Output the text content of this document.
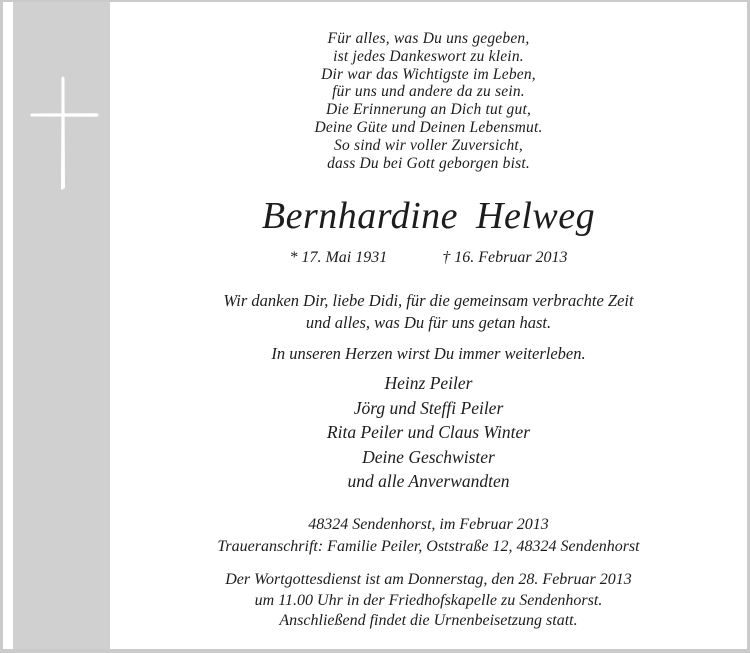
Für alles, was Du uns gegeben,
ist jedes Dankeswort zu klein.
Dir war das Wichtigste im Leben,
für uns und andere da zu sein.
Die Erinnerung an Dich tut gut,
Deine Güte und Deinen Lebensmut.
So sind wir voller Zuversicht,
dass Du bei Gott geborgen bist.
Bernhardine Helweg
* 17. Mai 1931	† 16. Februar 2013
Wir danken Dir, liebe Didi, für die gemeinsam verbrachte Zeit
und alles, was Du für uns getan hast.
In unseren Herzen wirst Du immer weiterleben.
Heinz Peiler
Jörg und Steffi Peiler
Rita Peiler und Claus Winter
Deine Geschwister
und alle Anverwandten
48324 Sendenhorst, im Februar 2013
Traueranschrift: Familie Peiler, Oststraße 12, 48324 Sendenhorst
Der Wortgottesdienst ist am Donnerstag, den 28. Februar 2013
um 11.00 Uhr in der Friedhofskapelle zu Sendenhorst.
Anschließend findet die Urnenbeisetzung statt.
